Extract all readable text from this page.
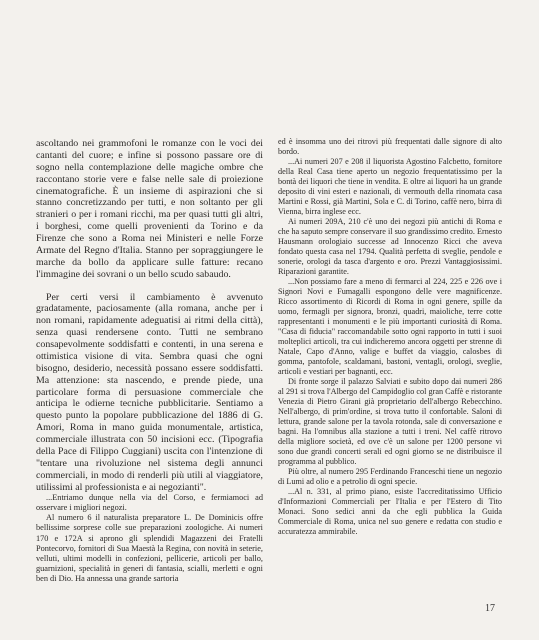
ascoltando nei grammofoni le romanze con le voci dei cantanti del cuore; e infine si possono passare ore di sogno nella contemplazione delle magiche ombre che raccontano storie vere e false nelle sale di proiezione cinematografiche. È un insieme di aspirazioni che si stanno concretizzando per tutti, e non soltanto per gli stranieri o per i romani ricchi, ma per quasi tutti gli altri, i borghesi, come quelli provenienti da Torino e da Firenze che sono a Roma nei Ministeri e nelle Forze Armate del Regno d'Italia. Stanno per sopraggiungere le marche da bollo da applicare sulle fatture: recano l'immagine dei sovrani o un bello scudo sabaudo.

Per certi versi il cambiamento è avvenuto gradatamente, paciosamente (alla romana, anche per i non romani, rapidamente adeguatisi ai ritmi della città), senza quasi rendersene conto. Tutti ne sembrano consapevolmente soddisfatti e contenti, in una serena e ottimistica visione di vita. Sembra quasi che ogni bisogno, desiderio, necessità possano essere soddisfatti. Ma attenzione: sta nascendo, e prende piede, una particolare forma di persuasione commerciale che anticipa le odierne tecniche pubblicitarie. Sentiamo a questo punto la popolare pubblicazione del 1886 di G. Amori, Roma in mano guida monumentale, artistica, commerciale illustrata con 50 incisioni ecc. (Tipografia della Pace di Filippo Cuggiani) uscita con l'intenzione di "tentare una rivoluzione nel sistema degli annunci commerciali, in modo di renderli più utili al viaggiatore, utilissimi al professionista e ai negozianti".

...Entriamo dunque nella via del Corso, e fermiamoci ad osservare i migliori negozi.

Al numero 6 il naturalista preparatore L. De Dominicis offre bellissime sorprese colle sue preparazioni zoologiche. Ai numeri 170 e 172A si aprono gli splendidi Magazzeni dei Fratelli Pontecorvo, fornitori di Sua Maestà la Regina, con novità in seterie, velluti, ultimi modelli in confezioni, pellicerie, articoli per ballo, guarnizioni, specialità in generi di fantasia, scialli, merletti e ogni ben di Dio. Ha annessa una grande sartoria

ed è insomma uno dei ritrovi più frequentati dalle signore di alto bordo.

...Ai numeri 207 e 208 il liquorista Agostino Falcbetto, fornitore della Real Casa tiene aperto un negozio frequentatissimo per la bontà dei liquori che tiene in vendita. E oltre ai liquori ha un grande deposito di vini esteri e nazionali, di vermouth della rinomata casa Martini e Rossi, già Martini, Sola e C. di Torino, caffè nero, birra di Vienna, birra inglese ecc.

Ai numeri 209A, 210 c'è uno dei negozi più antichi di Roma e che ha saputo sempre conservare il suo grandissimo credito. Ernesto Hausmann orologiaio successe ad Innocenzo Ricci che aveva fondato questa casa nel 1794. Qualità perfetta di sveglie, pendole e sonerie, orologi da tasca d'argento e oro. Prezzi Vantaggiosissimi. Riparazioni garantite.

...Non possiamo fare a meno di fermarci al 224, 225 e 226 ove i Signori Novi e Fumagalli espongono delle vere magnificenze. Ricco assortimento di Ricordi di Roma in ogni genere, spille da uomo, fermagli per signora, bronzi, quadri, maioliche, terre cotte rappresentanti i monumenti e le più importanti curiosità di Roma. "Casa di fiducia" raccomandabile sotto ogni rapporto in tutti i suoi molteplici articoli, tra cui indicheremo ancora oggetti per strenne di Natale, Capo d'Anno, valige e buffet da viaggio, calosbes di gomma, pantofole, scaldamani, bastoni, ventagli, orologi, sveglie, articoli e vestiari per bagnanti, ecc.

Di fronte sorge il palazzo Salviati e subito dopo dai numeri 286 al 291 si trova l'Albergo del Campidoglio col gran Caffè e ristorante Venezia di Pietro Girani già proprietario dell'albergo Rebecchino. Nell'albergo, di prim'ordine, si trova tutto il confortable. Saloni di lettura, grande salone per la tavola rotonda, sale di conversazione e bagni. Ha l'omnibus alla stazione a tutti i treni. Nel caffè ritrovo della migliore società, ed ove c'è un salone per 1200 persone vi sono due grandi concerti serali ed ogni giorno se ne distribuisce il programma al pubblico.

Più oltre, al numero 295 Ferdinando Franceschi tiene un negozio di Lumi ad olio e a petrolio di ogni specie.

...Al n. 331, al primo piano, esiste l'accreditatissimo Ufficio d'Informazioni Commerciali per l'Italia e per l'Estero di Tito Monaci. Sono sedici anni da che egli pubblica la Guida Commerciale di Roma, unica nel suo genere e redatta con studio e accuratezza ammirabile.

17
